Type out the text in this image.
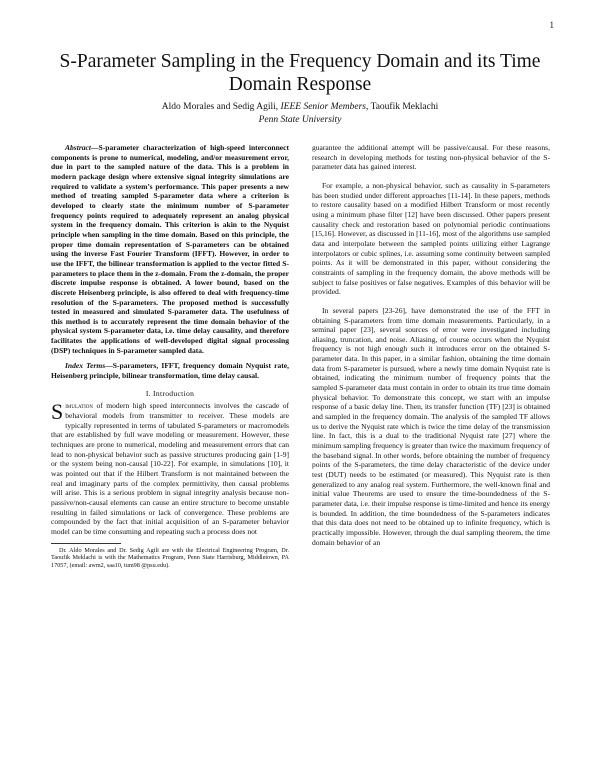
1
S-Parameter Sampling in the Frequency Domain and its Time Domain Response
Aldo Morales and Sedig Agili, IEEE Senior Members, Taoufik Meklachi
Penn State University

Abstract—S-parameter characterization of high-speed interconnect components is prone to numerical, modeling, and/or measurement error, due in part to the sampled nature of the data. This is a problem in modern package design where extensive signal integrity simulations are required to validate a system’s performance. This paper presents a new method of treating sampled S-parameter data where a criterion is developed to clearly state the minimum number of S-parameter frequency points required to adequately represent an analog physical system in the frequency domain. This criterion is akin to the Nyquist principle when sampling in the time domain. Based on this principle, the proper time domain representation of S-parameters can be obtained using the inverse Fast Fourier Transform (IFFT). However, in order to use the IFFT, the bilinear transformation is applied to the vector fitted S-parameters to place them in the z-domain. From the z-domain, the proper discrete impulse response is obtained. A lower bound, based on the discrete Heisenberg principle, is also offered to deal with frequency-time resolution of the S-parameters. The proposed method is successfully tested in measured and simulated S-parameter data. The usefulness of this method is to accurately represent the time domain behavior of the physical system S-parameter data, i.e. time delay causality, and therefore facilitates the applications of well-developed digital signal processing (DSP) techniques in S-parameter sampled data.

Index Terms—S-parameters, IFFT, frequency domain Nyquist rate, Heisenberg principle, bilinear transformation, time delay causal.

I. Introduction

Simulation of modern high speed interconnects involves the cascade of behavioral models from transmitter to receiver. These models are typically represented in terms of tabulated S-parameters or macromodels that are established by full wave modeling or measurement. However, these techniques are prone to numerical, modeling and measurement errors that can lead to non-physical behavior such as passive structures producing gain [1-9] or the system being non-causal [10-22]. For example, in simulations [10], it was pointed out that if the Hilbert Transform is not maintained between the real and imaginary parts of the complex permittivity, then causal problems will arise. This is a serious problem in signal integrity analysis because non-passive/non-causal elements can cause an entire structure to become unstable resulting in failed simulations or lack of convergence. These problems are compounded by the fact that initial acquisition of an S-parameter behavior model can be time consuming and repeating such a process does not

Dr. Aldo Morales and Dr. Sedig Agili are with the Electrical Engineering Program, Dr. Taoufik Meklachi is with the Mathematics Program, Penn State Harrisburg, Middletown, PA 17057, (email: awm2, saa10, tum98 @psu.edu).

guarantee the additional attempt will be passive/causal. For these reasons, research in developing methods for testing non-physical behavior of the S-parameter data has gained interest.

For example, a non-physical behavior, such as causality in S-parameters has been studied under different approaches [11-14]. In these papers, methods to restore causality based on a modified Hilbert Transform or most recently using a minimum phase filter [12] have been discussed. Other papers present causality check and restoration based on polynomial periodic continuations [15,16]. However, as discussed in [11-16], most of the algorithms use sampled data and interpolate between the sampled points utilizing either Lagrange interpolators or cubic splines, i.e. assuming some continuity between sampled points. As it will be demonstrated in this paper, without considering the constraints of sampling in the frequency domain, the above methods will be subject to false positives or false negatives. Examples of this behavior will be provided.

In several papers [23-26], have demonstrated the use of the FFT in obtaining S-parameters from time domain measurements. Particularly, in a seminal paper [23], several sources of error were investigated including aliasing, truncation, and noise. Aliasing, of course occurs when the Nyquist frequency is not high enough such it introduces error on the obtained S-parameter data. In this paper, in a similar fashion, obtaining the time domain data from S-parameter is pursued, where a newly time domain Nyquist rate is obtained, indicating the minimum number of frequency points that the sampled S-parameter data must contain in order to obtain its true time domain physical behavior. To demonstrate this concept, we start with an impulse response of a basic delay line. Then, its transfer function (TF) [23] is obtained and sampled in the frequency domain. The analysis of the sampled TF allows us to derive the Nyquist rate which is twice the time delay of the transmission line. In fact, this is a dual to the traditional Nyquist rate [27] where the minimum sampling frequency is greater than twice the maximum frequency of the baseband signal. In other words, before obtaining the number of frequency points of the S-parameters, the time delay characteristic of the device under test (DUT) needs to be estimated (or measured). This Nyquist rate is then generalized to any analog real system. Furthermore, the well-known final and initial value Theorems are used to ensure the time-boundedness of the S-parameter data, i.e. their impulse response is time-limited and hence its energy is bounded. In addition, the time boundedness of the S-parameters indicates that this data does not need to be obtained up to infinite frequency, which is practically impossible. However, through the dual sampling theorem, the time domain behavior of an
